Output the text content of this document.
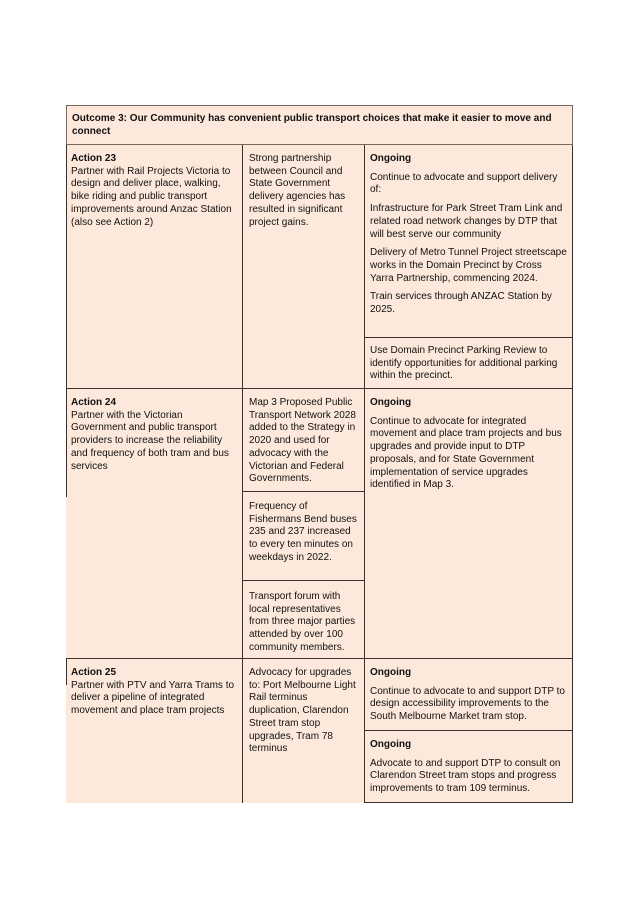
Outcome 3: Our Community has convenient public transport choices that make it easier to move and connect
Action 23
Partner with Rail Projects Victoria to design and deliver place, walking, bike riding and public transport improvements around Anzac Station (also see Action 2)
Strong partnership between Council and State Government delivery agencies has resulted in significant project gains.

Ongoing

Continue to advocate and support delivery of:

Infrastructure for Park Street Tram Link and related road network changes by DTP that will best serve our community

Delivery of Metro Tunnel Project streetscape works in the Domain Precinct by Cross Yarra Partnership, commencing 2024.

Train services through ANZAC Station by 2025.

Use Domain Precinct Parking Review to identify opportunities for additional parking within the precinct.
Action 24
Partner with the Victorian Government and public transport providers to increase the reliability and frequency of both tram and bus services
Map 3 Proposed Public Transport Network 2028 added to the Strategy in 2020 and used for advocacy with the Victorian and Federal Governments.
Frequency of Fishermans Bend buses 235 and 237 increased to every ten minutes on weekdays in 2022.
Transport forum with local representatives from three major parties attended by over 100 community members.

Ongoing

Continue to advocate for integrated movement and place tram projects and bus upgrades and provide input to DTP proposals, and for State Government implementation of service upgrades identified in Map 3.

Action 25
Partner with PTV and Yarra Trams to deliver a pipeline of integrated movement and place tram projects
Advocacy for upgrades to: Port Melbourne Light Rail terminus duplication, Clarendon Street tram stop upgrades, Tram 78 terminus

Ongoing

Continue to advocate to and support DTP to design accessibility improvements to the South Melbourne Market tram stop.

Ongoing

Advocate to and support DTP to consult on Clarendon Street tram stops and progress improvements to tram 109 terminus.
